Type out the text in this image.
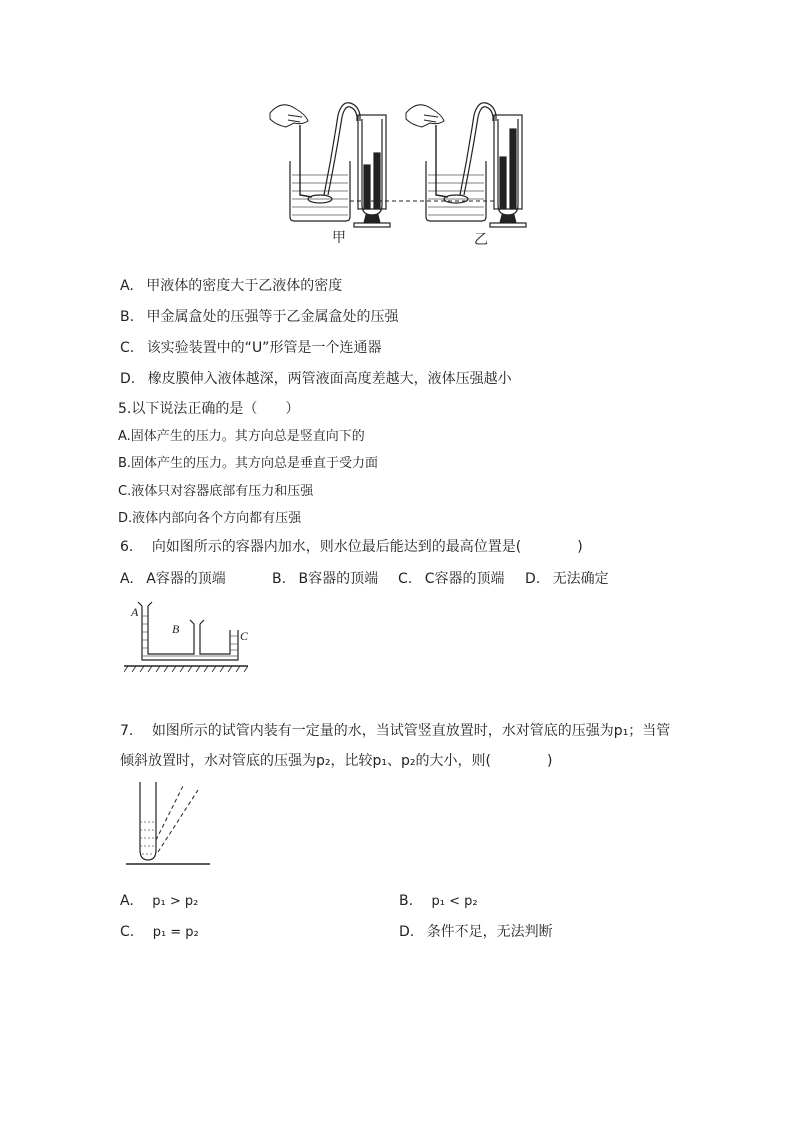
甲	乙
A. 甲液体的密度大于乙液体的密度
B. 甲金属盒处的压强等于乙金属盒处的压强
C. 该实验装置中的“U”形管是一个连通器
D. 橡皮膜伸入液体越深，两管液面高度差越大，液体压强越小
5.以下说法正确的是（　　）
A.固体产生的压力。其方向总是竖直向下的
B.固体产生的压力。其方向总是垂直于受力面
C.液体只对容器底部有压力和压强
D.液体内部向各个方向都有压强
6. 向如图所示的容器内加水，则水位最后能达到的最高位置是(　　　　)
A. A容器的顶端	B. B容器的顶端 C. C容器的顶端 D. 无法确定
A
B	C
7. 如图所示的试管内装有一定量的水，当试管竖直放置时，水对管底的压强为p₁；当管
倾斜放置时，水对管底的压强为p₂，比较p₁、p₂的大小，则(　　　　)
A. p₁ > p₂	B. p₁ < p₂
C. p₁ = p₂	D. 条件不足，无法判断
